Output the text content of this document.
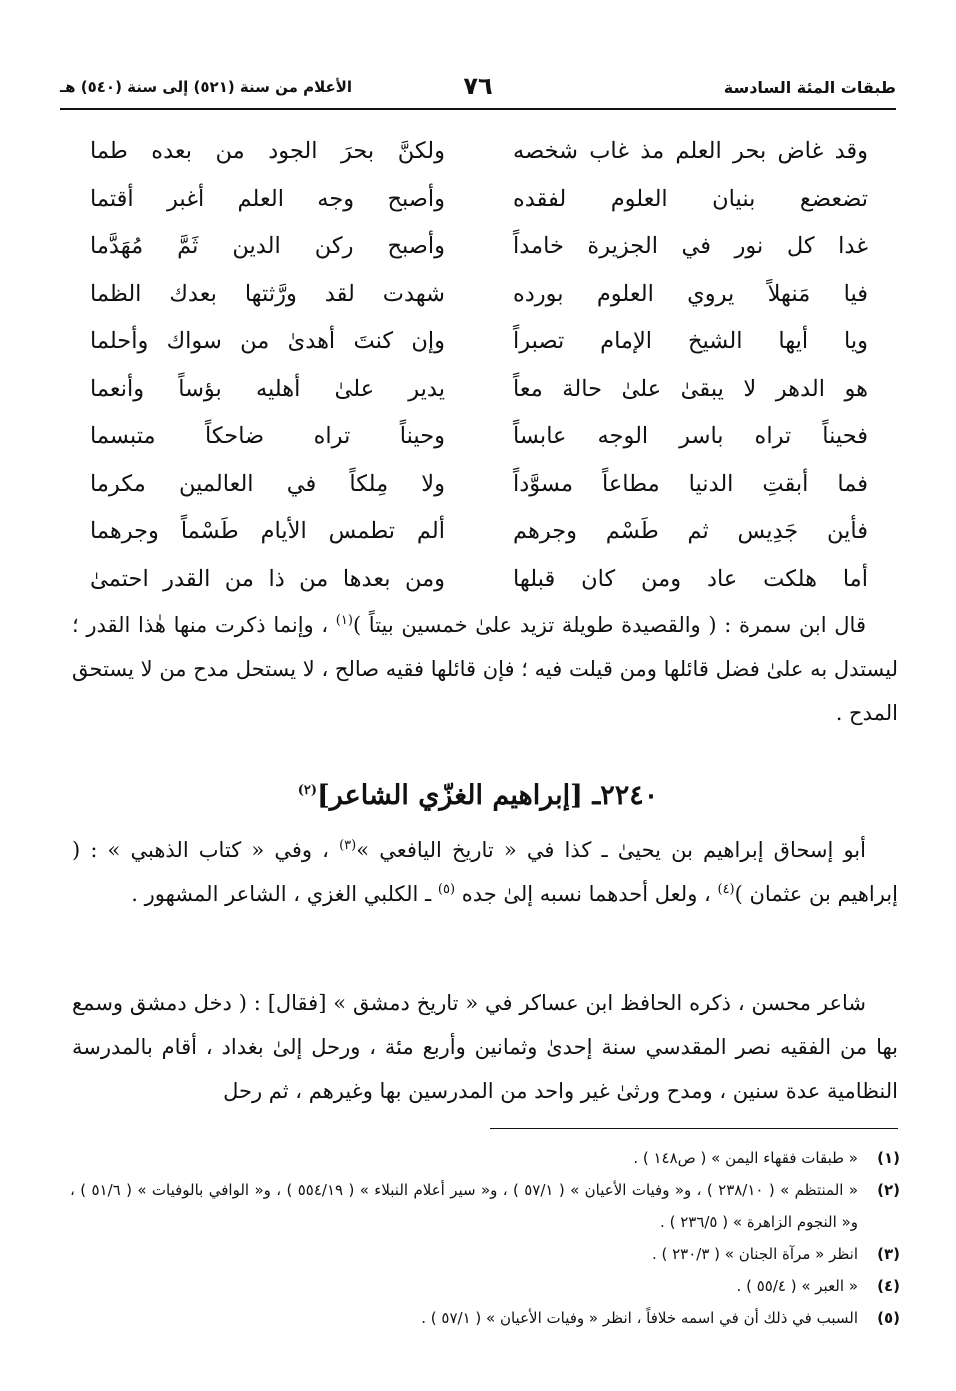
طبقات المئة السادسة
٧٦
الأعلام من سنة (٥٢١) إلى سنة (٥٤٠) هـ
وقد غاض بحر العلم مذ غاب شخصه
ولكنَّ بحرَ الجود من بعده طما
تضعضع بنيان العلوم لفقده
وأصبح وجه العلم أغبر أقتما
غدا كل نور في الجزيرة خامداً
وأصبح ركن الدين ثَمَّ مُهَدَّما
فيا مَنهلاً يروي العلوم بورده
شهدت لقد ورَّثتها بعدك الظما
ويا أيها الشيخ الإمام تصبراً
وإن كنتَ أهدىٰ من سواك وأحلما
هو الدهر لا يبقىٰ علىٰ حالة معاً
يدير علىٰ أهليه بؤساً وأنعما
فحيناً تراه باسر الوجه عابساً
وحيناً تراه ضاحكاً متبسما
فما أبقتِ الدنيا مطاعاً مسوَّداً
ولا مِلكاً في العالمين مكرما
فأين جَدِيس ثم طَسْم وجرهم
ألم تطمس الأيام طَسْماً وجرهما
أما هلكت عاد ومن كان قبلها
ومن بعدها من ذا من القدر احتمىٰ

قال ابن سمرة : ( والقصيدة طويلة تزيد علىٰ خمسين بيتاً )$^{(١)}$ ، وإنما ذكرت منها هٰذا القدر ؛ ليستدل به علىٰ فضل قائلها ومن قيلت فيه ؛ فإن قائلها فقيه صالح ، لا يستحل مدح من لا يستحق المدح .

٢٢٤٠ـ [إبراهيم الغزّي الشاعر]$^{(٢)}$

أبو إسحاق إبراهيم بن يحيىٰ ـ كذا في « تاريخ اليافعي »$^{(٣)}$ ، وفي « كتاب الذهبي » : ( إبراهيم بن عثمان )$^{(٤)}$ ، ولعل أحدهما نسبه إلىٰ جده $^{(٥)}$ ـ الكلبي الغزي ، الشاعر المشهور .

شاعر محسن ، ذكره الحافظ ابن عساكر في « تاريخ دمشق » [فقال] : ( دخل دمشق وسمع بها من الفقيه نصر المقدسي سنة إحدىٰ وثمانين وأربع مئة ، ورحل إلىٰ بغداد ، أقام بالمدرسة النظامية عدة سنين ، ومدح ورثىٰ غير واحد من المدرسين بها وغيرهم ، ثم رحل

(١)
« طبقات فقهاء اليمن » ( ص١٤٨ ) .
(٢)
« المنتظم » ( ٢٣٨/١٠ ) ، و« وفيات الأعيان » ( ٥٧/١ ) ، و« سير أعلام النبلاء » ( ٥٥٤/١٩ ) ، و« الوافي بالوفيات » ( ٥١/٦ ) ، و« النجوم الزاهرة » ( ٢٣٦/٥ ) .
(٣)
انظر « مرآة الجنان » ( ٢٣٠/٣ ) .
(٤)
« العبر » ( ٥٥/٤ ) .
(٥)
السبب في ذلك أن في اسمه خلافاً ، انظر « وفيات الأعيان » ( ٥٧/١ ) .
